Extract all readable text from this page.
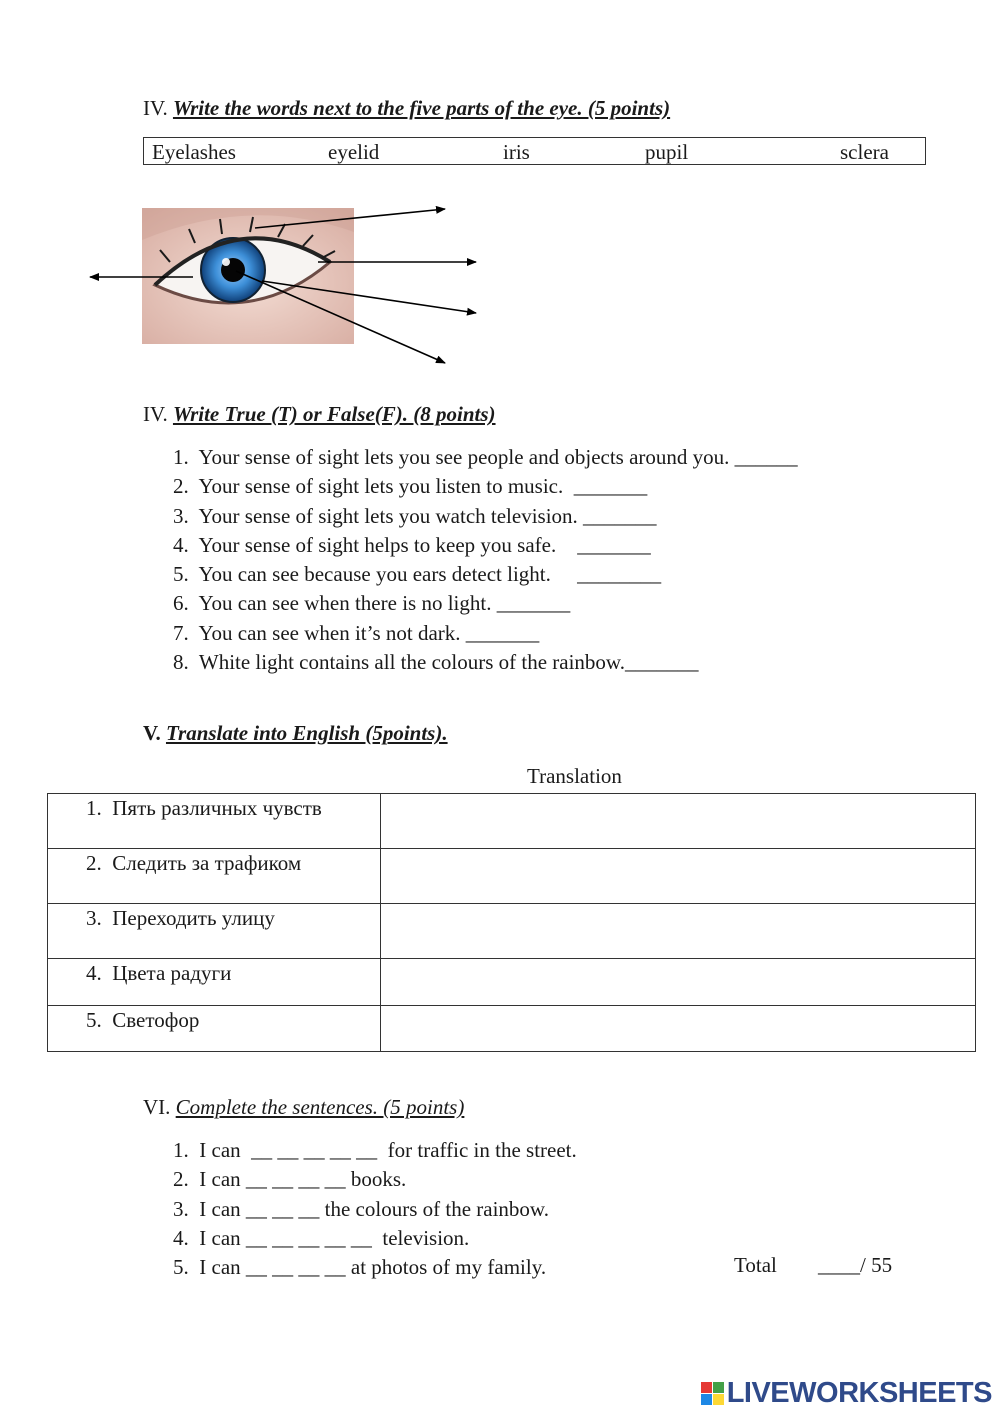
IV. Write the words next to the five parts of the eye. (5 points)
Eyelashes	eyelid	iris	pupil	sclera
IV. Write True (T) or False(F). (8 points)
1.  Your sense of sight lets you see people and objects around you. ______
2.  Your sense of sight lets you listen to music.  _______
3.  Your sense of sight lets you watch television. _______
4.  Your sense of sight helps to keep you safe.    _______
5.  You can see because you ears detect light.     ________
6.  You can see when there is no light. _______
7.  You can see when it’s not dark. _______
8.  White light contains all the colours of the rainbow._______
V. Translate into English (5points).
Translation
1.  Пять различных чувств	

2.  Следить за трафиком	

3.  Переходить улицу	

4.  Цвета радуги	

5.  Светофор	

VI. Complete the sentences. (5 points)
1.  I can  __ __ __ __ __  for traffic in the street.
2.  I can __ __ __ __ books.
3.  I can __ __ __ the colours of the rainbow.
4.  I can __ __ __ __ __  television.
5.  I can __ __ __ __ at photos of my family.	Total ____/ 55
LIVEWORKSHEETS
